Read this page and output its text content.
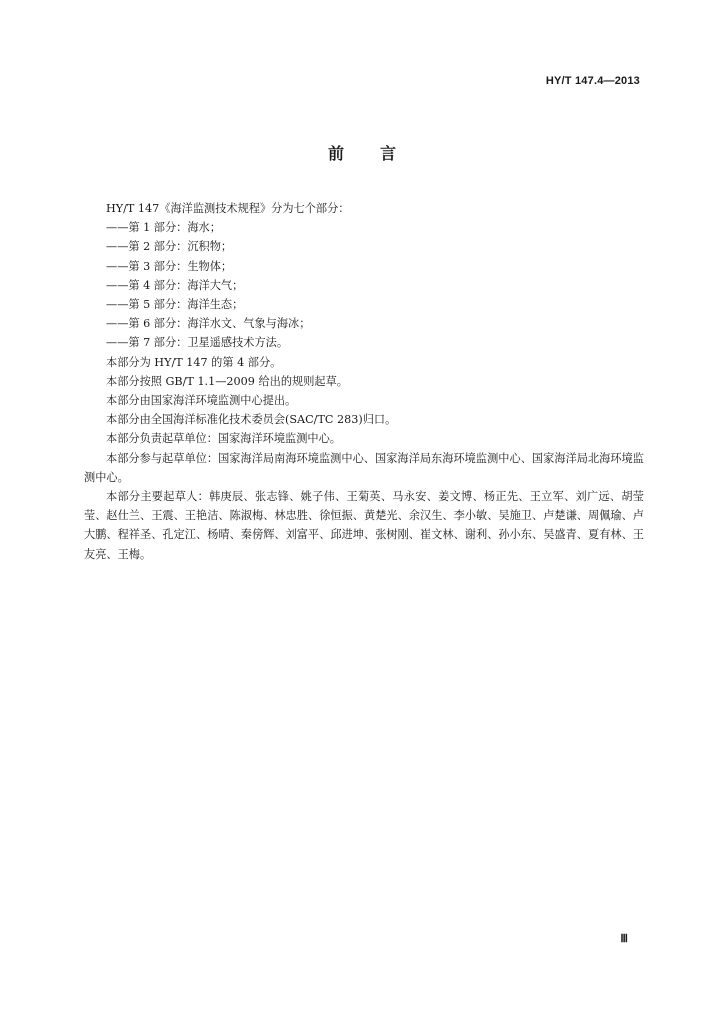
HY/T 147.4—2013
前言

HY/T 147《海洋监测技术规程》分为七个部分：

——第 1 部分：海水；

——第 2 部分：沉积物；

——第 3 部分：生物体；

——第 4 部分：海洋大气；

——第 5 部分：海洋生态；

——第 6 部分：海洋水文、气象与海冰；

——第 7 部分：卫星遥感技术方法。

本部分为 HY/T 147 的第 4 部分。

本部分按照 GB/T 1.1—2009 给出的规则起草。

本部分由国家海洋环境监测中心提出。

本部分由全国海洋标准化技术委员会(SAC/TC 283)归口。

本部分负责起草单位：国家海洋环境监测中心。

本部分参与起草单位：国家海洋局南海环境监测中心、国家海洋局东海环境监测中心、国家海洋局北海环境监测中心。

本部分主要起草人：韩庚辰、张志锋、姚子伟、王菊英、马永安、姜文博、杨正先、王立军、刘广远、胡莹莹、赵仕兰、王震、王艳洁、陈淑梅、林忠胜、徐恒振、黄楚光、余汉生、李小敏、吴施卫、卢楚谦、周佩瑜、卢大鹏、程祥圣、孔定江、杨晴、秦傍辉、刘富平、邱进坤、张树刚、崔文林、谢利、孙小东、吴盛青、夏有林、王友亮、王梅。

Ⅲ
